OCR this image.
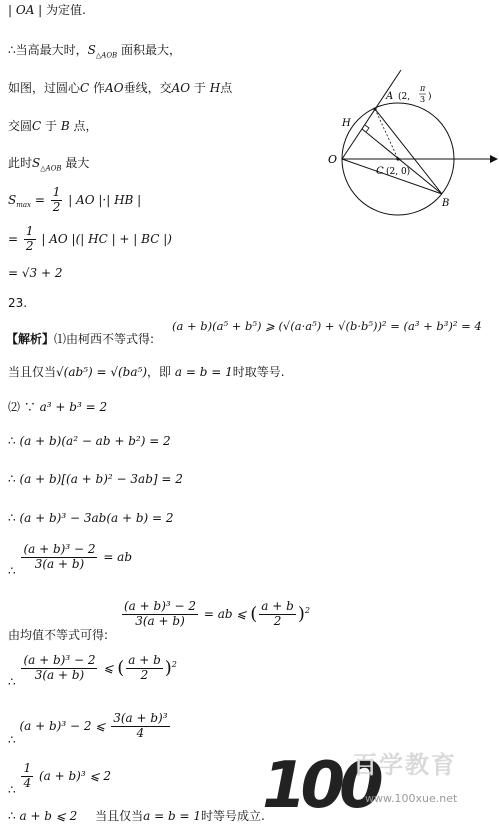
| OA | 为定值.
∴当高最大时，$S_{\triangle AOB}$ 面积最大，
如图，过圆心C 作AO垂线，交AO 于 H点
交圆C 于 B 点，
此时$S_{\triangle AOB}$ 最大
$S_{max} = \frac{1}{2}$ | AO |·| HB |
= $\frac{1}{2}$ | AO |(| HC | + | BC |)
= √3 + 2
23.
【解析】⑴由柯西不等式得:
(a + b)(a⁵ + b⁵) ⩾ (√(a·a⁵) + √(b·b⁵))² = (a³ + b³)² = 4
当且仅当√(ab⁵) = √(ba⁵)，即 a = b = 1时取等号.
⑵ ∵ a³ + b³ = 2
∴ (a + b)(a² − ab + b²) = 2
∴ (a + b)[(a + b)² − 3ab] = 2
∴ (a + b)³ − 3ab(a + b) = 2
∴ $\frac{\text{(a + b)³ − 2}}{3(a + b)}$ = ab
由均值不等式可得:
$\frac{\text{(a + b)³ − 2}}{3(a + b)}$ = ab ⩽ ( $\frac{a + b}{2} )^2$
∴ $\frac{\text{(a + b)³ − 2}}{3(a + b)}$ ⩽ ( $\frac{a + b}{2} )^2$
∴ (a + b)³ − 2 ⩽ $\frac{\text{3(a + b)³}}{4}$
∴ $\frac{1}{4} (a + b)^3$ ⩽ 2
∴ a + b ⩽ 2 当且仅当a = b = 1时等号成立.
O
A (2,
π
3 )
H
C (2, 0)
B
100
百学教育
www.100xue.net
